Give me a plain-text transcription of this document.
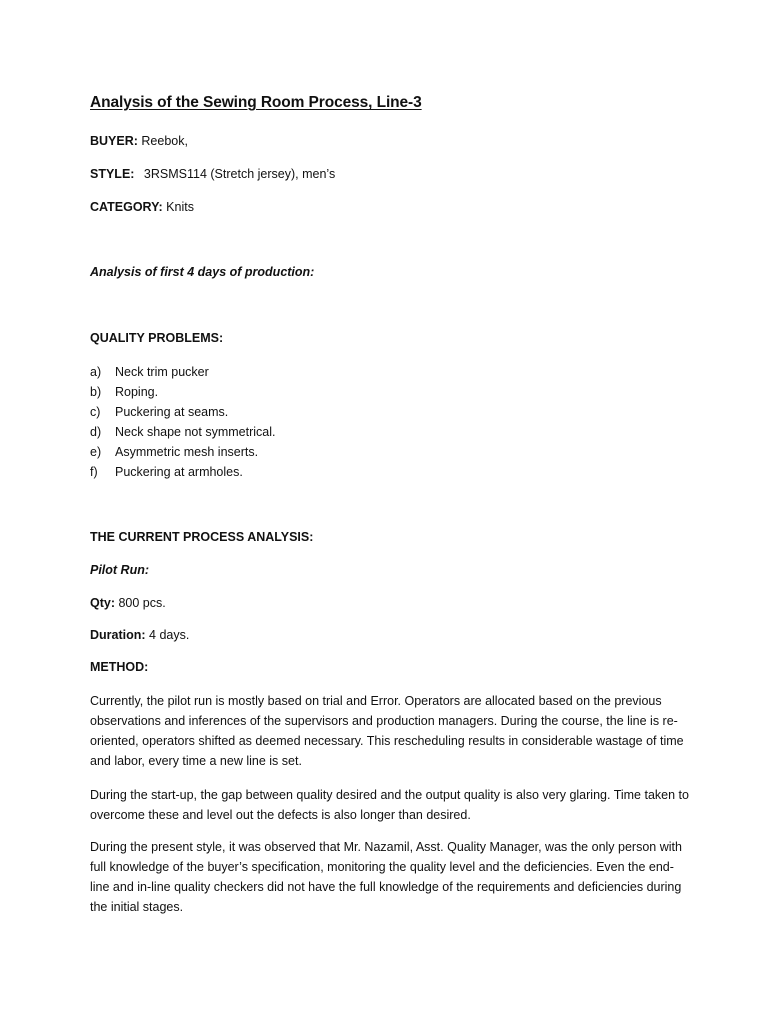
Analysis of the Sewing Room Process, Line-3
BUYER: Reebok,
STYLE: 3RSMS114 (Stretch jersey), men’s
CATEGORY: Knits
Analysis of first 4 days of production:
QUALITY PROBLEMS:
a) Neck trim pucker
b) Roping.
c) Puckering at seams.
d) Neck shape not symmetrical.
e) Asymmetric mesh inserts.
f) Puckering at armholes.
THE CURRENT PROCESS ANALYSIS:
Pilot Run:
Qty: 800 pcs.
Duration: 4 days.
METHOD:

Currently, the pilot run is mostly based on trial and Error. Operators are allocated based on the previous observations and inferences of the supervisors and production managers. During the course, the line is re-oriented, operators shifted as deemed necessary. This rescheduling results in considerable wastage of time and labor, every time a new line is set.

During the start-up, the gap between quality desired and the output quality is also very glaring. Time taken to overcome these and level out the defects is also longer than desired.

During the present style, it was observed that Mr. Nazamil, Asst. Quality Manager, was the only person with full knowledge of the buyer’s specification, monitoring the quality level and the deficiencies. Even the end-line and in-line quality checkers did not have the full knowledge of the requirements and deficiencies during the initial stages.
